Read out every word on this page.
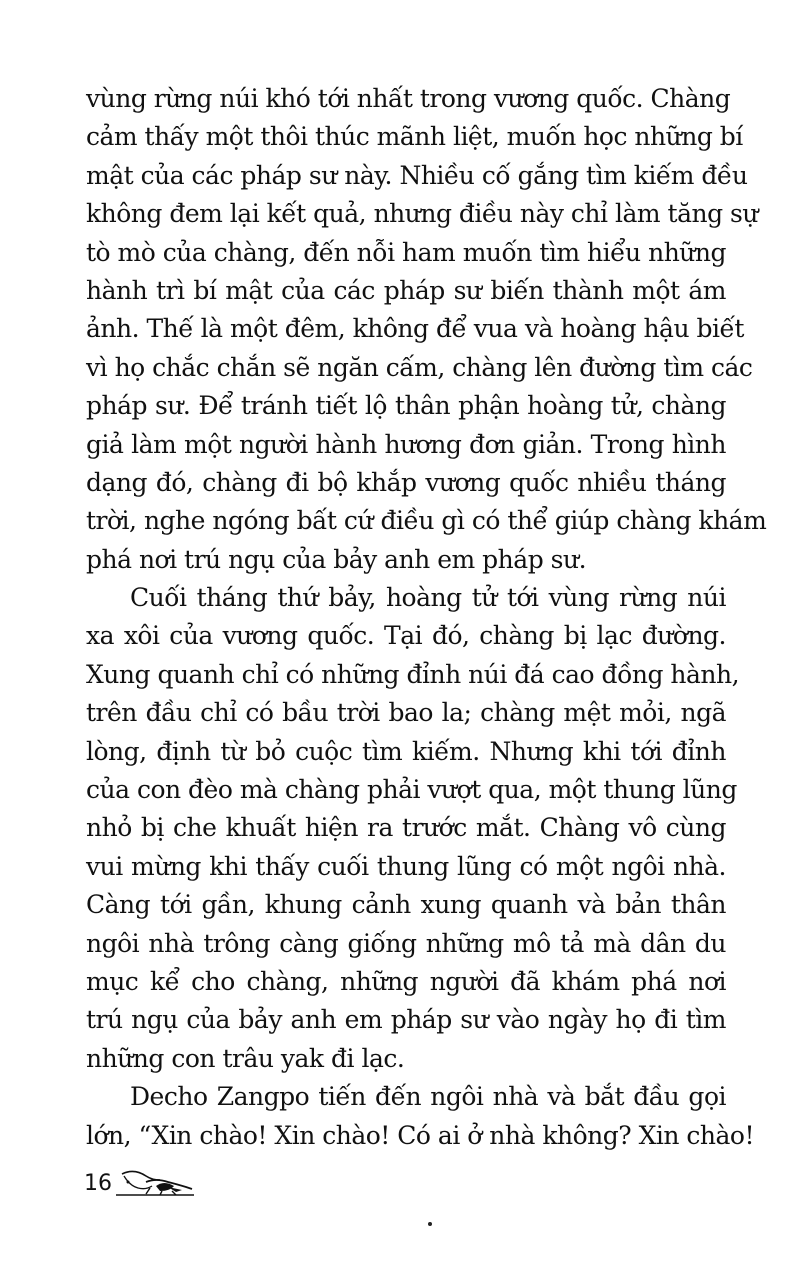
vùng rừng núi khó tới nhất trong vương quốc. Chàng
cảm thấy một thôi thúc mãnh liệt, muốn học những bí
mật của các pháp sư này. Nhiều cố gắng tìm kiếm đều
không đem lại kết quả, nhưng điều này chỉ làm tăng sự
tò mò của chàng, đến nỗi ham muốn tìm hiểu những
hành trì bí mật của các pháp sư biến thành một ám
ảnh. Thế là một đêm, không để vua và hoàng hậu biết
vì họ chắc chắn sẽ ngăn cấm, chàng lên đường tìm các
pháp sư. Để tránh tiết lộ thân phận hoàng tử, chàng
giả làm một người hành hương đơn giản. Trong hình
dạng đó, chàng đi bộ khắp vương quốc nhiều tháng
trời, nghe ngóng bất cứ điều gì có thể giúp chàng khám
phá nơi trú ngụ của bảy anh em pháp sư.
Cuối tháng thứ bảy, hoàng tử tới vùng rừng núi
xa xôi của vương quốc. Tại đó, chàng bị lạc đường.
Xung quanh chỉ có những đỉnh núi đá cao đồng hành,
trên đầu chỉ có bầu trời bao la; chàng mệt mỏi, ngã
lòng, định từ bỏ cuộc tìm kiếm. Nhưng khi tới đỉnh
của con đèo mà chàng phải vượt qua, một thung lũng
nhỏ bị che khuất hiện ra trước mắt. Chàng vô cùng
vui mừng khi thấy cuối thung lũng có một ngôi nhà.
Càng tới gần, khung cảnh xung quanh và bản thân
ngôi nhà trông càng giống những mô tả mà dân du
mục kể cho chàng, những người đã khám phá nơi
trú ngụ của bảy anh em pháp sư vào ngày họ đi tìm
những con trâu yak đi lạc.
Decho Zangpo tiến đến ngôi nhà và bắt đầu gọi
lớn, “Xin chào! Xin chào! Có ai ở nhà không? Xin chào!
16
